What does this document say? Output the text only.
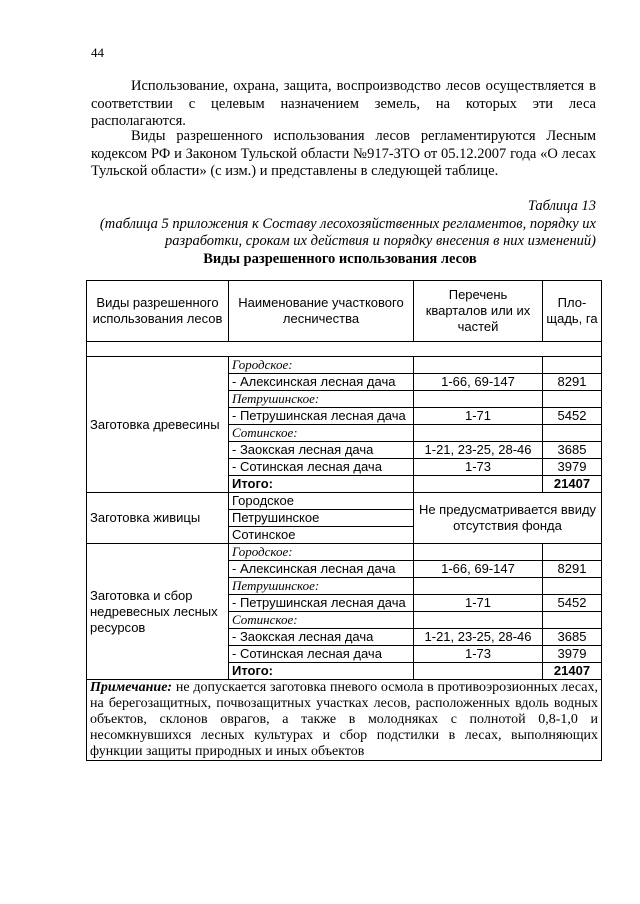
44
Использование, охрана, защита, воспроизводство лесов осуществляется в соответствии с целевым назначением земель, на которых эти леса располагаются.
Виды разрешенного использования лесов регламентируются Лесным кодексом РФ и Законом Тульской области №917-ЗТО от 05.12.2007 года «О лесах Тульской области» (с изм.) и представлены в следующей таблице.
Таблица 13
(таблица 5 приложения к Составу лесохозяйственных регламентов, порядку их разработки, срокам их действия и порядку внесения в них изменений)
Виды разрешенного использования лесов
Виды разрешенного использования лесов	Наименование участкового лесничества	Перечень кварталов или их частей	Пло-щадь, га

Заготовка древесины	Городское:		
	- Алексинская лесная дача	1-66, 69-147	8291
	Петрушинское:		
	- Петрушинская лесная дача	1-71	5452
	Сотинское:		
	- Заокская лесная дача	1-21, 23-25, 28-46	3685
	- Сотинская лесная дача	1-73	3979
	Итого:		21407
Заготовка живицы	Городское	Не предусматривается ввиду отсутствия фонда	
	Петрушинское		
	Сотинское		
Заготовка и сбор недревесных лесных ресурсов	Городское:		
	- Алексинская лесная дача	1-66, 69-147	8291
	Петрушинское:		
	- Петрушинская лесная дача	1-71	5452
	Сотинское:		
	- Заокская лесная дача	1-21, 23-25, 28-46	3685
	- Сотинская лесная дача	1-73	3979
	Итого:		21407
Примечание: не допускается заготовка пневого осмола в противоэрозионных лесах, на берегозащитных, почвозащитных участках лесов, расположенных вдоль водных объектов, склонов оврагов, а также в молодняках с полнотой 0,8-1,0 и несомкнувшихся лесных культурах и сбор подстилки в лесах, выполняющих функции защиты природных и иных объектов			
